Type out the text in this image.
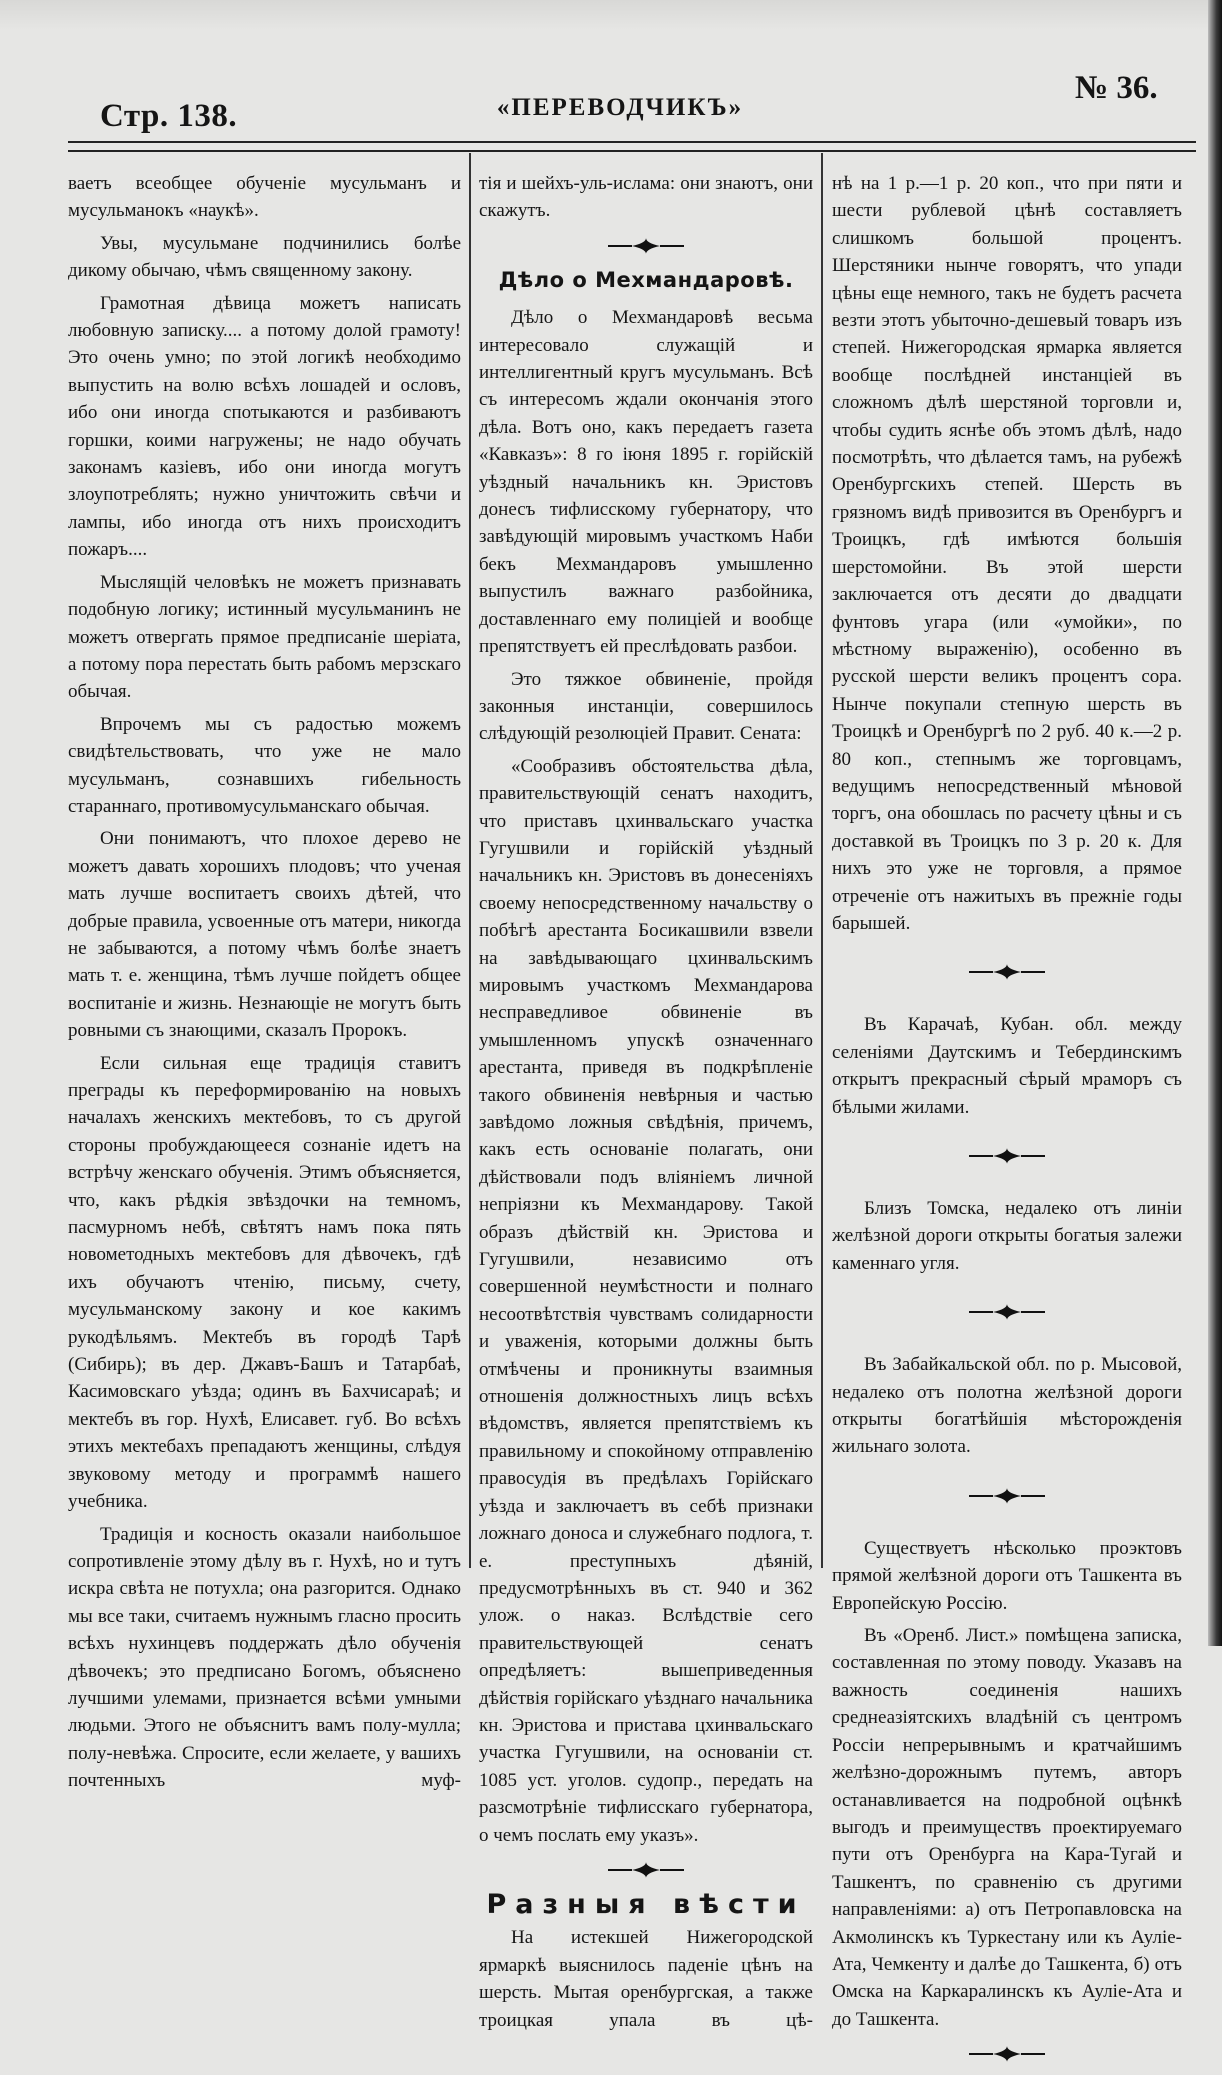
Стр. 138.	«ПЕРЕВОДЧИКЪ»
№ 36.

ваетъ всеобщее обученіе мусульманъ и мусульманокъ «наукѣ».

Увы, мусульмане подчинились болѣе дикому обычаю, чѣмъ священному закону.

Грамотная дѣвица можетъ написать любовную записку.... а потому долой грамоту! Это очень умно; по этой логикѣ необходимо выпустить на волю всѣхъ лошадей и ословъ, ибо они иногда спотыкаются и разбиваютъ горшки, коими нагружены; не надо обучать законамъ казіевъ, ибо они иногда могутъ злоупотреблять; нужно уничтожить свѣчи и лампы, ибо иногда отъ нихъ происходитъ пожаръ....

Мыслящій человѣкъ не можетъ признавать подобную логику; истинный мусульманинъ не можетъ отвергать прямое предписаніе шеріата, а потому пора перестать быть рабомъ мерзскаго обычая.

Впрочемъ мы съ радостью можемъ свидѣтельствовать, что уже не мало мусульманъ, сознавшихъ гибельность стараннаго, противомусульманскаго обычая.

Они понимаютъ, что плохое дерево не можетъ давать хорошихъ плодовъ; что ученая мать лучше воспитаетъ своихъ дѣтей, что добрые правила, усвоенные отъ матери, никогда не забываются, а потому чѣмъ болѣе знаетъ мать т. е. женщина, тѣмъ лучше пойдетъ общее воспитаніе и жизнь. Незнающіе не могутъ быть ровными съ знающими, сказалъ Пророкъ.

Если сильная еще традиція ставитъ преграды къ переформированію на новыхъ началахъ женскихъ мектебовъ, то съ другой стороны пробуждающееся сознаніе идетъ на встрѣчу женскаго обученія. Этимъ объясняется, что, какъ рѣдкія звѣздочки на темномъ, пасмурномъ небѣ, свѣтятъ намъ пока пять новометодныхъ мектебовъ для дѣвочекъ, гдѣ ихъ обучаютъ чтенію, письму, счету, мусульманскому закону и кое какимъ рукодѣльямъ. Мектебъ въ городѣ Тарѣ (Сибирь); въ дер. Джавъ-Башъ и Татарбаѣ, Касимовскаго уѣзда; одинъ въ Бахчисараѣ; и мектебъ въ гор. Нухѣ, Елисавет. губ. Во всѣхъ этихъ мектебахъ препадаютъ женщины, слѣдуя звуковому методу и программѣ нашего учебника.

Традиція и косность оказали наибольшое сопротивленіе этому дѣлу въ г. Нухѣ, но и тутъ искра свѣта не потухла; она разгорится. Однако мы все таки, считаемъ нужнымъ гласно просить всѣхъ нухинцевъ поддержать дѣло обученія дѣвочекъ; это предписано Богомъ, объяснено лучшими улемами, признается всѣми умными людьми. Этого не объяснитъ вамъ полу-мулла; полу-невѣжа. Спросите, если желаете, у вашихъ почтенныхъ муф-

тія и шейхъ-уль-ислама: они знаютъ, они скажутъ.

Дѣло о Мехмандаровѣ.

Дѣло о Мехмандаровѣ весьма интересовало служащій и интеллигентный кругъ мусульманъ. Всѣ съ интересомъ ждали окончанія этого дѣла. Вотъ оно, какъ передаетъ газета «Кавказъ»: 8 го іюня 1895 г. горійскій уѣздный начальникъ кн. Эристовъ донесъ тифлисскому губернатору, что завѣдующій мировымъ участкомъ Наби бекъ Мехмандаровъ умышленно выпустилъ важнаго разбойника, доставленнаго ему полиціей и вообще препятствуетъ ей преслѣдовать разбои.

Это тяжкое обвиненіе, пройдя законныя инстанціи, совершилось слѣдующій резолюціей Правит. Сената:

«Сообразивъ обстоятельства дѣла, правительствующій сенатъ находитъ, что приставъ цхинвальскаго участка Гугушвили и горійскій уѣздный начальникъ кн. Эристовъ въ донесеніяхъ своему непосредственному начальству о побѣгѣ арестанта Босикашвили взвели на завѣдывающаго цхинвальскимъ мировымъ участкомъ Мехмандарова несправедливое обвиненіе въ умышленномъ упускѣ означеннаго арестанта, приведя въ подкрѣпленіе такого обвиненія невѣрныя и частью завѣдомо ложныя свѣдѣнія, причемъ, какъ есть основаніе полагать, они дѣйствовали подъ вліяніемъ личной непріязни къ Мехмандарову. Такой образъ дѣйствій кн. Эристова и Гугушвили, независимо отъ совершенной неумѣстности и полнаго несоотвѣтствія чувствамъ солидарности и уваженія, которыми должны быть отмѣчены и проникнуты взаимныя отношенія должностныхъ лицъ всѣхъ вѣдомствъ, является препятствіемъ къ правильному и спокойному отправленію правосудія въ предѣлахъ Горійскаго уѣзда и заключаетъ въ себѣ признаки ложнаго доноса и служебнаго подлога, т. е. преступныхъ дѣяній, предусмотрѣнныхъ въ ст. 940 и 362 улож. о наказ. Вслѣдствіе сего правительствующей сенатъ опредѣляетъ: вышеприведенныя дѣйствія горійскаго уѣзднаго начальника кн. Эристова и пристава цхинвальскаго участка Гугушвили, на основаніи ст. 1085 уст. уголов. судопр., передать на разсмотрѣніе тифлисскаго губернатора, о чемъ послать ему указъ».

Разныя вѣсти

На истекшей Нижегородской ярмаркѣ выяснилось паденіе цѣнъ на шерсть. Мытая оренбургская, а также троицкая упала въ цѣ-

нѣ на 1 р.—1 р. 20 коп., что при пяти и шести рублевой цѣнѣ составляетъ слишкомъ большой процентъ. Шерстяники нынче говорятъ, что упади цѣны еще немного, такъ не будетъ расчета везти этотъ убыточно-дешевый товаръ изъ степей. Нижегородская ярмарка является вообще послѣдней инстанціей въ сложномъ дѣлѣ шерстяной торговли и, чтобы судить яснѣе объ этомъ дѣлѣ, надо посмотрѣть, что дѣлается тамъ, на рубежѣ Оренбургскихъ степей. Шерсть въ грязномъ видѣ привозится въ Оренбургъ и Троицкъ, гдѣ имѣются большія шерстомойни. Въ этой шерсти заключается отъ десяти до двадцати фунтовъ угара (или «умойки», по мѣстному выраженію), особенно въ русской шерсти великъ процентъ сора. Нынче покупали степную шерсть въ Троицкѣ и Оренбургѣ по 2 руб. 40 к.—2 р. 80 коп., степнымъ же торговцамъ, ведущимъ непосредственный мѣновой торгъ, она обошлась по расчету цѣны и съ доставкой въ Троицкъ по 3 р. 20 к. Для нихъ это уже не торговля, а прямое отреченіе отъ нажитыхъ въ прежніе годы барышей.

Въ Карачаѣ, Кубан. обл. между селеніями Даутскимъ и Тебердинскимъ открытъ прекрасный сѣрый мраморъ съ бѣлыми жилами.

Близъ Томска, недалеко отъ линіи желѣзной дороги открыты богатыя залежи каменнаго угля.

Въ Забайкальской обл. по р. Мысовой, недалеко отъ полотна желѣзной дороги открыты богатѣйшія мѣсторожденія жильнаго золота.

Существуетъ нѣсколько проэктовъ прямой желѣзной дороги отъ Ташкента въ Европейскую Россію.

Въ «Оренб. Лист.» помѣщена записка, составленная по этому поводу. Указавъ на важность соединенія нашихъ среднеазіятскихъ владѣній съ центромъ Россіи непрерывнымъ и кратчайшимъ желѣзно-дорожнымъ путемъ, авторъ останавливается на подробной оцѣнкѣ выгодъ и преимуществъ проектируемаго пути отъ Оренбурга на Кара-Тугай и Ташкентъ, по сравненію съ другими направленіями: а) отъ Петропавловска на Акмолинскъ къ Туркестану или къ Ауліе-Ата, Чемкенту и далѣе до Ташкента, б) отъ Омска на Каркаралинскъ къ Ауліе-Ата и до Ташкента.
